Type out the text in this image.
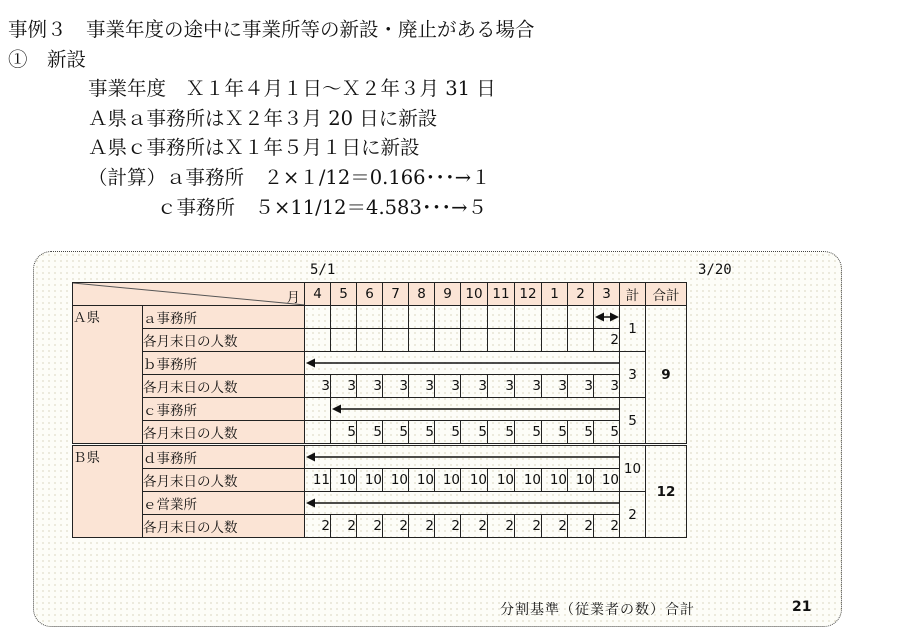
事例３　事業年度の途中に事業所等の新設・廃止がある場合
①　新設
事業年度　Ｘ１年４月１日～Ｘ２年３月 31 日
Ａ県ａ事務所はＸ２年３月 20 日に新設
Ａ県ｃ事務所はＸ１年５月１日に新設
（計算）ａ事務所　２×１/12＝0.166･･･→１
ｃ事務所　５×11/12＝4.583･･･→５
5/1	3/20
月		4	5	6	7	8	9	10	11	12	1	2	3	計	合計
Ａ県	ａ事務所													1	9
	各月末日の人数												2		
	ｂ事務所													3	
	各月末日の人数	3	3	3	3	3	3	3	3	3	3	3	3		
	ｃ事務所													5	
	各月末日の人数		5	5	5	5	5	5	5	5	5	5	5		
Ｂ県	ｄ事務所													10	12
	各月末日の人数	11	10	10	10	10	10	10	10	10	10	10	10		
	ｅ営業所													2	
	各月末日の人数	2	2	2	2	2	2	2	2	2	2	2	2		
分割基準（従業者の数）合計	21
